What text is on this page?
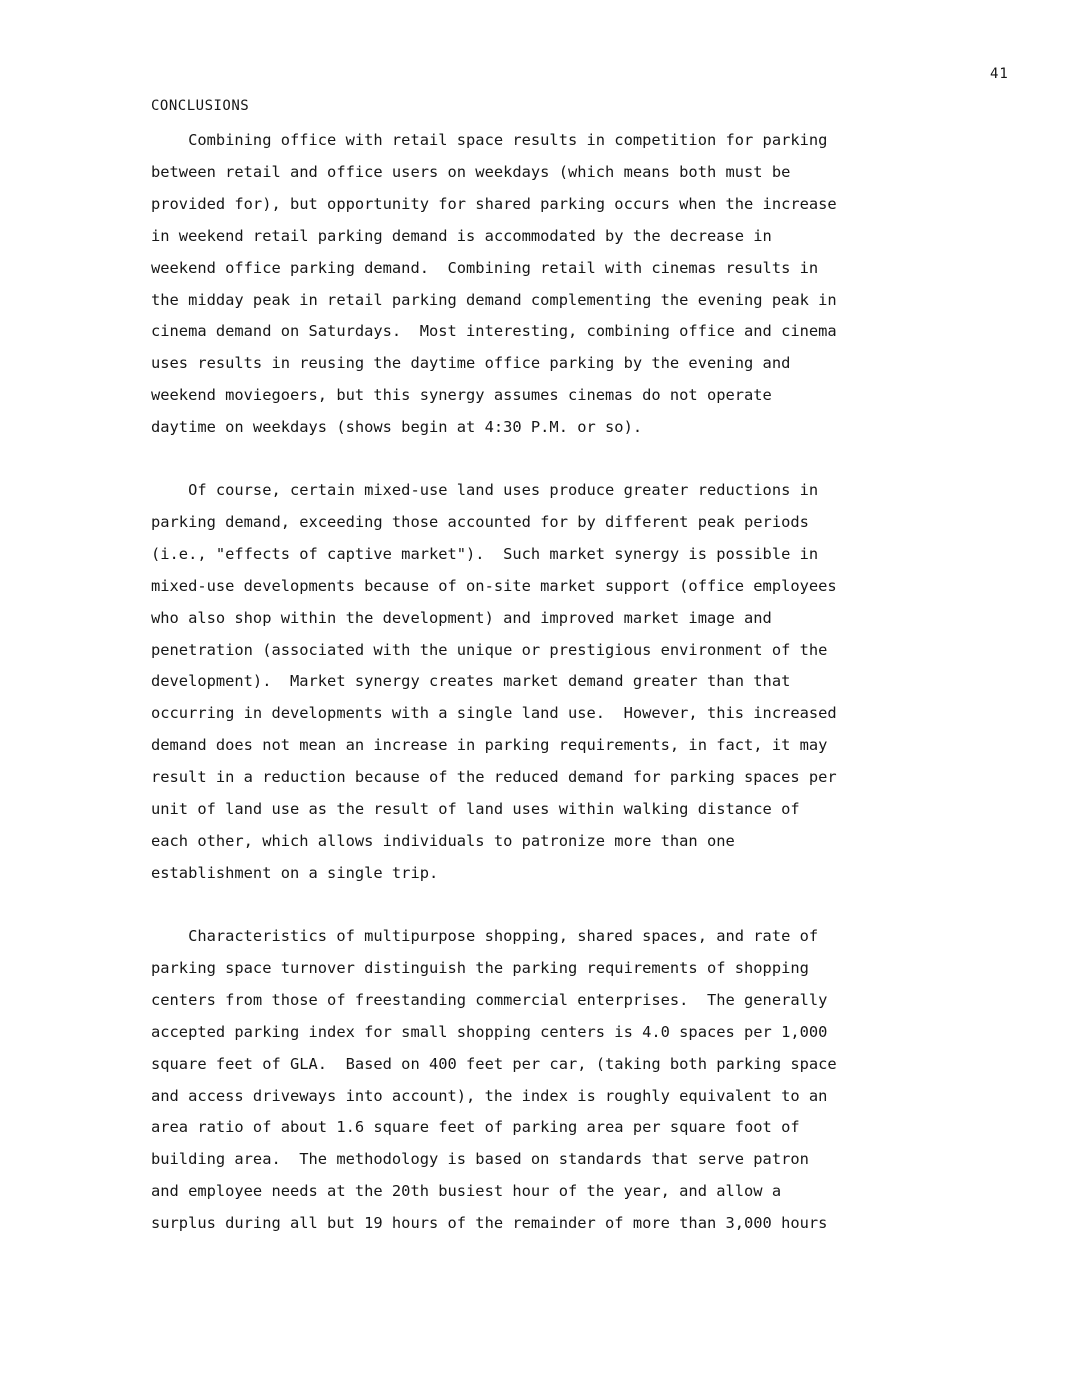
41
CONCLUSIONS
Combining office with retail space results in competition for parking
between retail and office users on weekdays (which means both must be
provided for), but opportunity for shared parking occurs when the increase
in weekend retail parking demand is accommodated by the decrease in
weekend office parking demand.  Combining retail with cinemas results in
the midday peak in retail parking demand complementing the evening peak in
cinema demand on Saturdays.  Most interesting, combining office and cinema
uses results in reusing the daytime office parking by the evening and
weekend moviegoers, but this synergy assumes cinemas do not operate
daytime on weekdays (shows begin at 4:30 P.M. or so).
Of course, certain mixed-use land uses produce greater reductions in
parking demand, exceeding those accounted for by different peak periods
(i.e., "effects of captive market").  Such market synergy is possible in
mixed-use developments because of on-site market support (office employees
who also shop within the development) and improved market image and
penetration (associated with the unique or prestigious environment of the
development).  Market synergy creates market demand greater than that
occurring in developments with a single land use.  However, this increased
demand does not mean an increase in parking requirements, in fact, it may
result in a reduction because of the reduced demand for parking spaces per
unit of land use as the result of land uses within walking distance of
each other, which allows individuals to patronize more than one
establishment on a single trip.
Characteristics of multipurpose shopping, shared spaces, and rate of
parking space turnover distinguish the parking requirements of shopping
centers from those of freestanding commercial enterprises.  The generally
accepted parking index for small shopping centers is 4.0 spaces per 1,000
square feet of GLA.  Based on 400 feet per car, (taking both parking space
and access driveways into account), the index is roughly equivalent to an
area ratio of about 1.6 square feet of parking area per square foot of
building area.  The methodology is based on standards that serve patron
and employee needs at the 20th busiest hour of the year, and allow a
surplus during all but 19 hours of the remainder of more than 3,000 hours
